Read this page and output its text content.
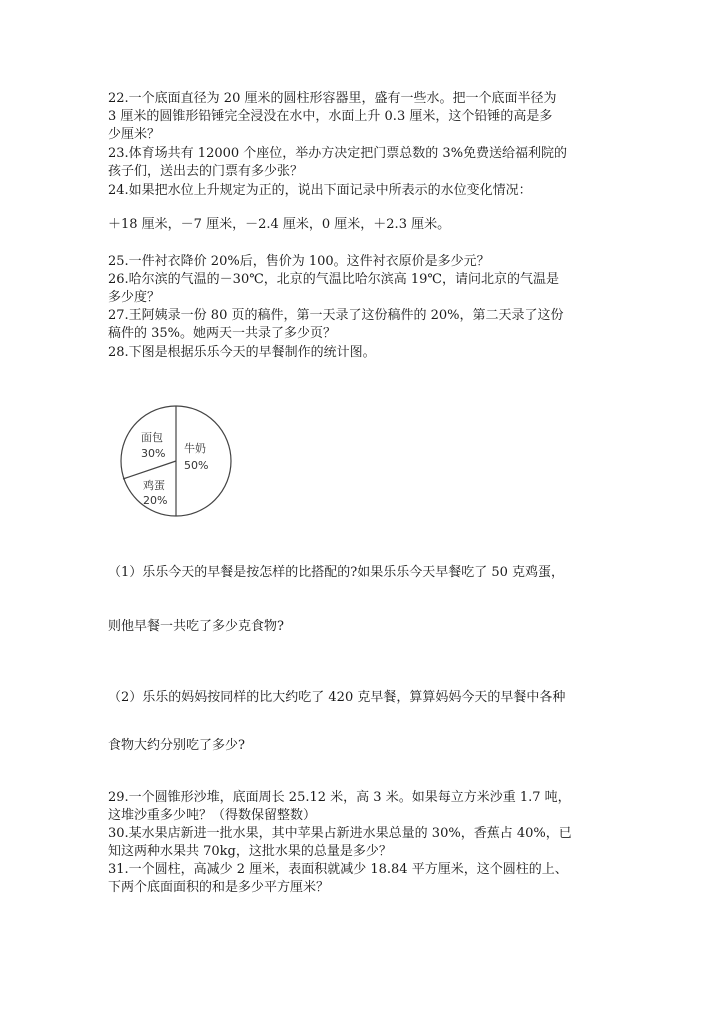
22.一个底面直径为 20 厘米的圆柱形容器里，盛有一些水。把一个底面半径为
3 厘米的圆锥形铅锤完全浸没在水中，水面上升 0.3 厘米，这个铅锤的高是多
少厘米？
23.体育场共有 12000 个座位，举办方决定把门票总数的 3%免费送给福利院的
孩子们，送出去的门票有多少张？
24.如果把水位上升规定为正的，说出下面记录中所表示的水位变化情况：
＋18 厘米，－7 厘米，－2.4 厘米，0 厘米，＋2.3 厘米。
25.一件衬衣降价 20%后，售价为 100。这件衬衣原价是多少元？
26.哈尔滨的气温的－30℃，北京的气温比哈尔滨高 19℃，请问北京的气温是
多少度？
27.王阿姨录一份 80 页的稿件，第一天录了这份稿件的 20%，第二天录了这份
稿件的 35%。她两天一共录了多少页？
28.下图是根据乐乐今天的早餐制作的统计图。
牛奶
50%
面包
30%
鸡蛋
20%
（1）乐乐今天的早餐是按怎样的比搭配的?如果乐乐今天早餐吃了 50 克鸡蛋，
则他早餐一共吃了多少克食物?
（2）乐乐的妈妈按同样的比大约吃了 420 克早餐，算算妈妈今天的早餐中各种
食物大约分别吃了多少?
29.一个圆锥形沙堆，底面周长 25.12 米，高 3 米。如果每立方米沙重 1.7 吨，
这堆沙重多少吨？（得数保留整数）
30.某水果店新进一批水果，其中苹果占新进水果总量的 30%，香蕉占 40%，已
知这两种水果共 70kg，这批水果的总量是多少？
31.一个圆柱，高减少 2 厘米，表面积就减少 18.84 平方厘米，这个圆柱的上、
下两个底面面积的和是多少平方厘米？
